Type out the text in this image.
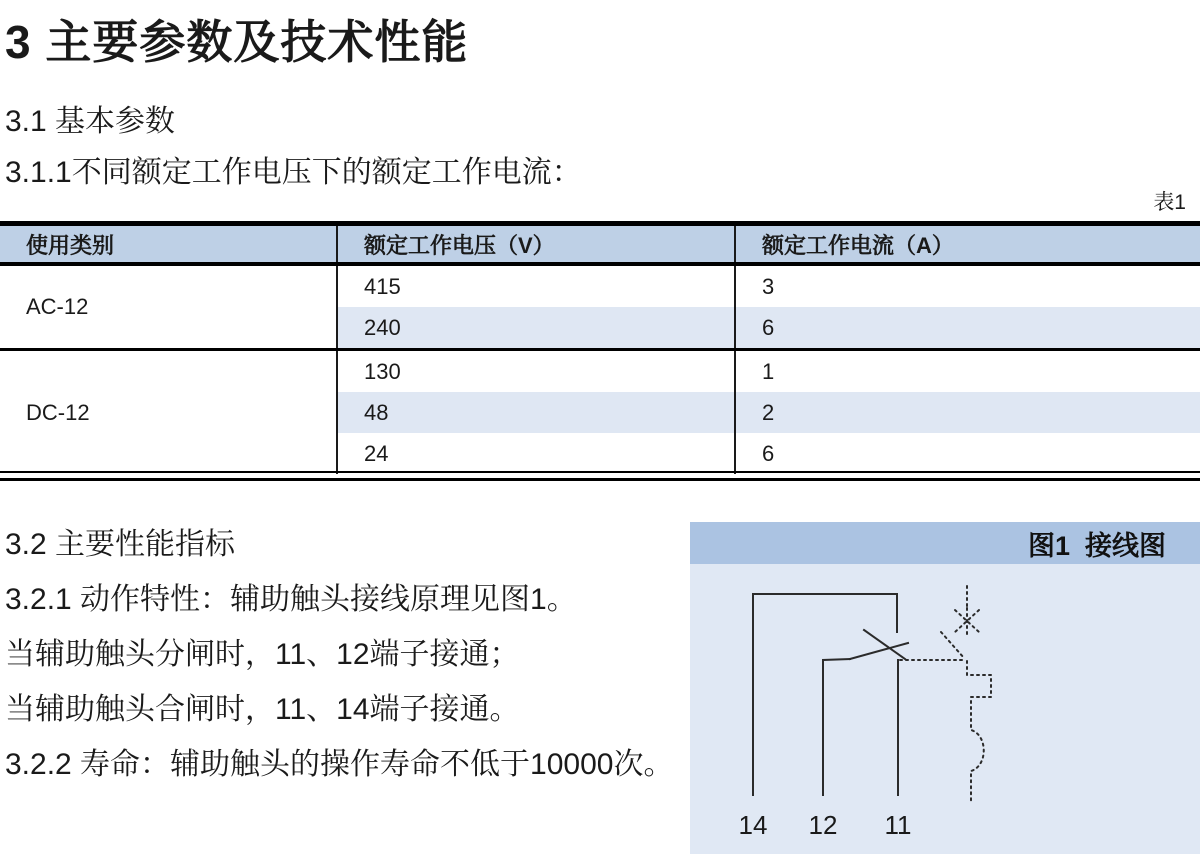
3 主要参数及技术性能
3.1 基本参数
3.1.1不同额定工作电压下的额定工作电流：
表1
使用类别	额定工作电压（V）	额定工作电流（A）
AC-12	415	3
	240	6
DC-12	130	1
	48	2
	24	6
3.2 主要性能指标
3.2.1 动作特性：辅助触头接线原理见图1。
当辅助触头分闸时，11、12端子接通；
当辅助触头合闸时，11、14端子接通。
3.2.2 寿命：辅助触头的操作寿命不低于10000次。
图1  接线图
14 12 11
